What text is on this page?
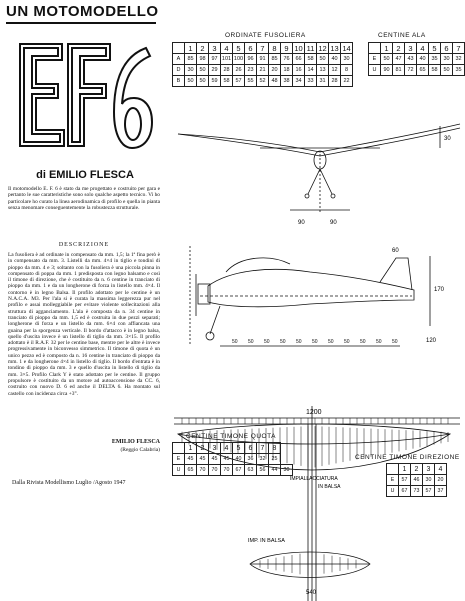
UN MOTOMODELLO
di EMILIO FLESCA
Il motomodello E. F. 6 è stato da me progettato e costruito per gara e pertanto le sue caratteristiche sono solo qualche aspetto tecnico. Vi ho particolare ho curato la linea aerodinamica di profilo e quella in pianta senza menomare conseguentemente la robustezza strutturale.
DESCRIZIONE
La fusoliera è ad ordinate in compensato da mm. 1,5; la 1ª fina però è in compensato da mm. 3. Listelli da mm. 4×4 in tiglio e tondini di pioppo da mm. 4 e 3; soltanto con la fusoliera è una piccola pinna in compensato di poppa da mm. 1 predisposta con legno balsamo e così il timone di direzione, che è costituito da n. 6 centine in tranciato di pioppo da mm. 1 e da un longherone di forza in listello mm. 4×4. Il contorno è in legno Balsa. Il profilo adottato per le centine è un N.A.C.A. M3. Per l'ala si è curata la massima leggerezza pur nel profilo e assai molleggiabile per evitare violente sollecitazioni alla struttura di agganciamento. L'ala è composta da n. 34 centine in tranciato di pioppo da mm. 1,5 ed è costruita in due pezzi separati; longherone di forza e un listello da mm. 6×4 con affiancata una guaina per la sporgenza verticale. Il bordo d'attacco è in legno balsa, quello d'uscita invece è un listello di tiglio da mm. 3×15. Il profilo adottato è il R.A.F. 32 per le centine base, mentre per le altre è invece progressivamente in biconvesso simmetrico. Il timone di quota è un unico pezzo ed è composto da n. 16 centine in tranciato di pioppo da mm. 1 e da longherone 4×4 in listello di tiglio. Il bordo d'entrata è in tondino di pioppo da mm. 3 e quello d'uscita in listello di tiglio da mm. 3×5. Profilo Clark Y è stato adottato per le centine. Il gruppo propulsore è costituito da un motore ad autoaccensione da CC. 6, costruito con nuovo D. 6 ed anche il DELTA 6. Ha montato sul castello con incidenza circa +3°.
EMILIO FLESCA
(Reggio Calabria)
Dalla Rivista Modellismo Luglio /Agosto 1947
ORDINATE FUSOLIERA
	1	2	3	4	5	6	7	8	9	10	11	12	13	14
A	85	98	97	101	100	96	91	85	76	66	58	50	40	30
D	30	50	29	28	26	23	21	20	18	16	14	13	12	8
B	50	50	59	58	57	55	52	48	38	34	33	31	28	22
CENTINE ALA
	1	2	3	4	5	6	7
E	50	47	43	40	35	30	32
U	90	81	72	65	58	50	35
50 50 50 50 50 50 50 50 50 50 50
90	90
30
170
120
60
1200
IMPIALLACCIATURA
IN BALSA
IMP. IN BALSA
540
CENTINE TIMONE QUOTA
	1	2	3	4	5	6	7	8	
E	45	45	45	45	40	36	32	25	
U	65	70	70	70	67	63	56	44	30
CENTINE TIMONE DIREZIONE
	1	2	3	4
E	57	46	30	20
U	67	73	57	37
